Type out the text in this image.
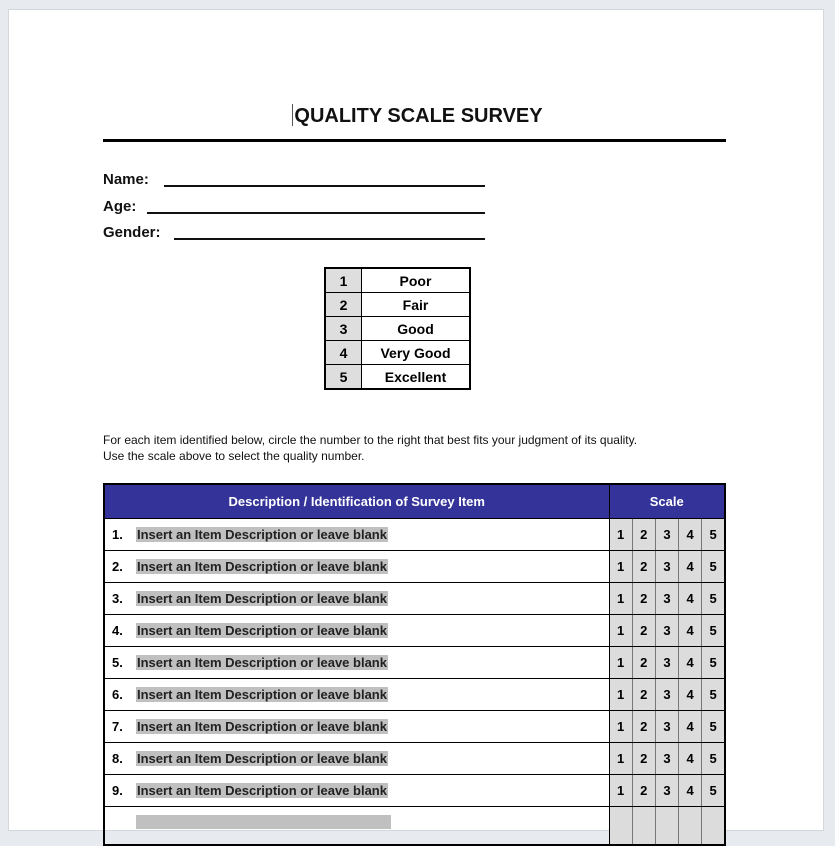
QUALITY SCALE SURVEY
Name:
Age:
Gender:
1	Poor
2	Fair
3	Good
4	Very Good
5	Excellent
For each item identified below, circle the number to the right that best fits your judgment of its quality.
Use the scale above to select the quality number.
Description / Identification of Survey Item	Scale				
1. Insert an Item Description or leave blank	1	2	3	4	5
2. Insert an Item Description or leave blank	1	2	3	4	5
3. Insert an Item Description or leave blank	1	2	3	4	5
4. Insert an Item Description or leave blank	1	2	3	4	5
5. Insert an Item Description or leave blank	1	2	3	4	5
6. Insert an Item Description or leave blank	1	2	3	4	5
7. Insert an Item Description or leave blank	1	2	3	4	5
8. Insert an Item Description or leave blank	1	2	3	4	5
9. Insert an Item Description or leave blank	1	2	3	4	5
